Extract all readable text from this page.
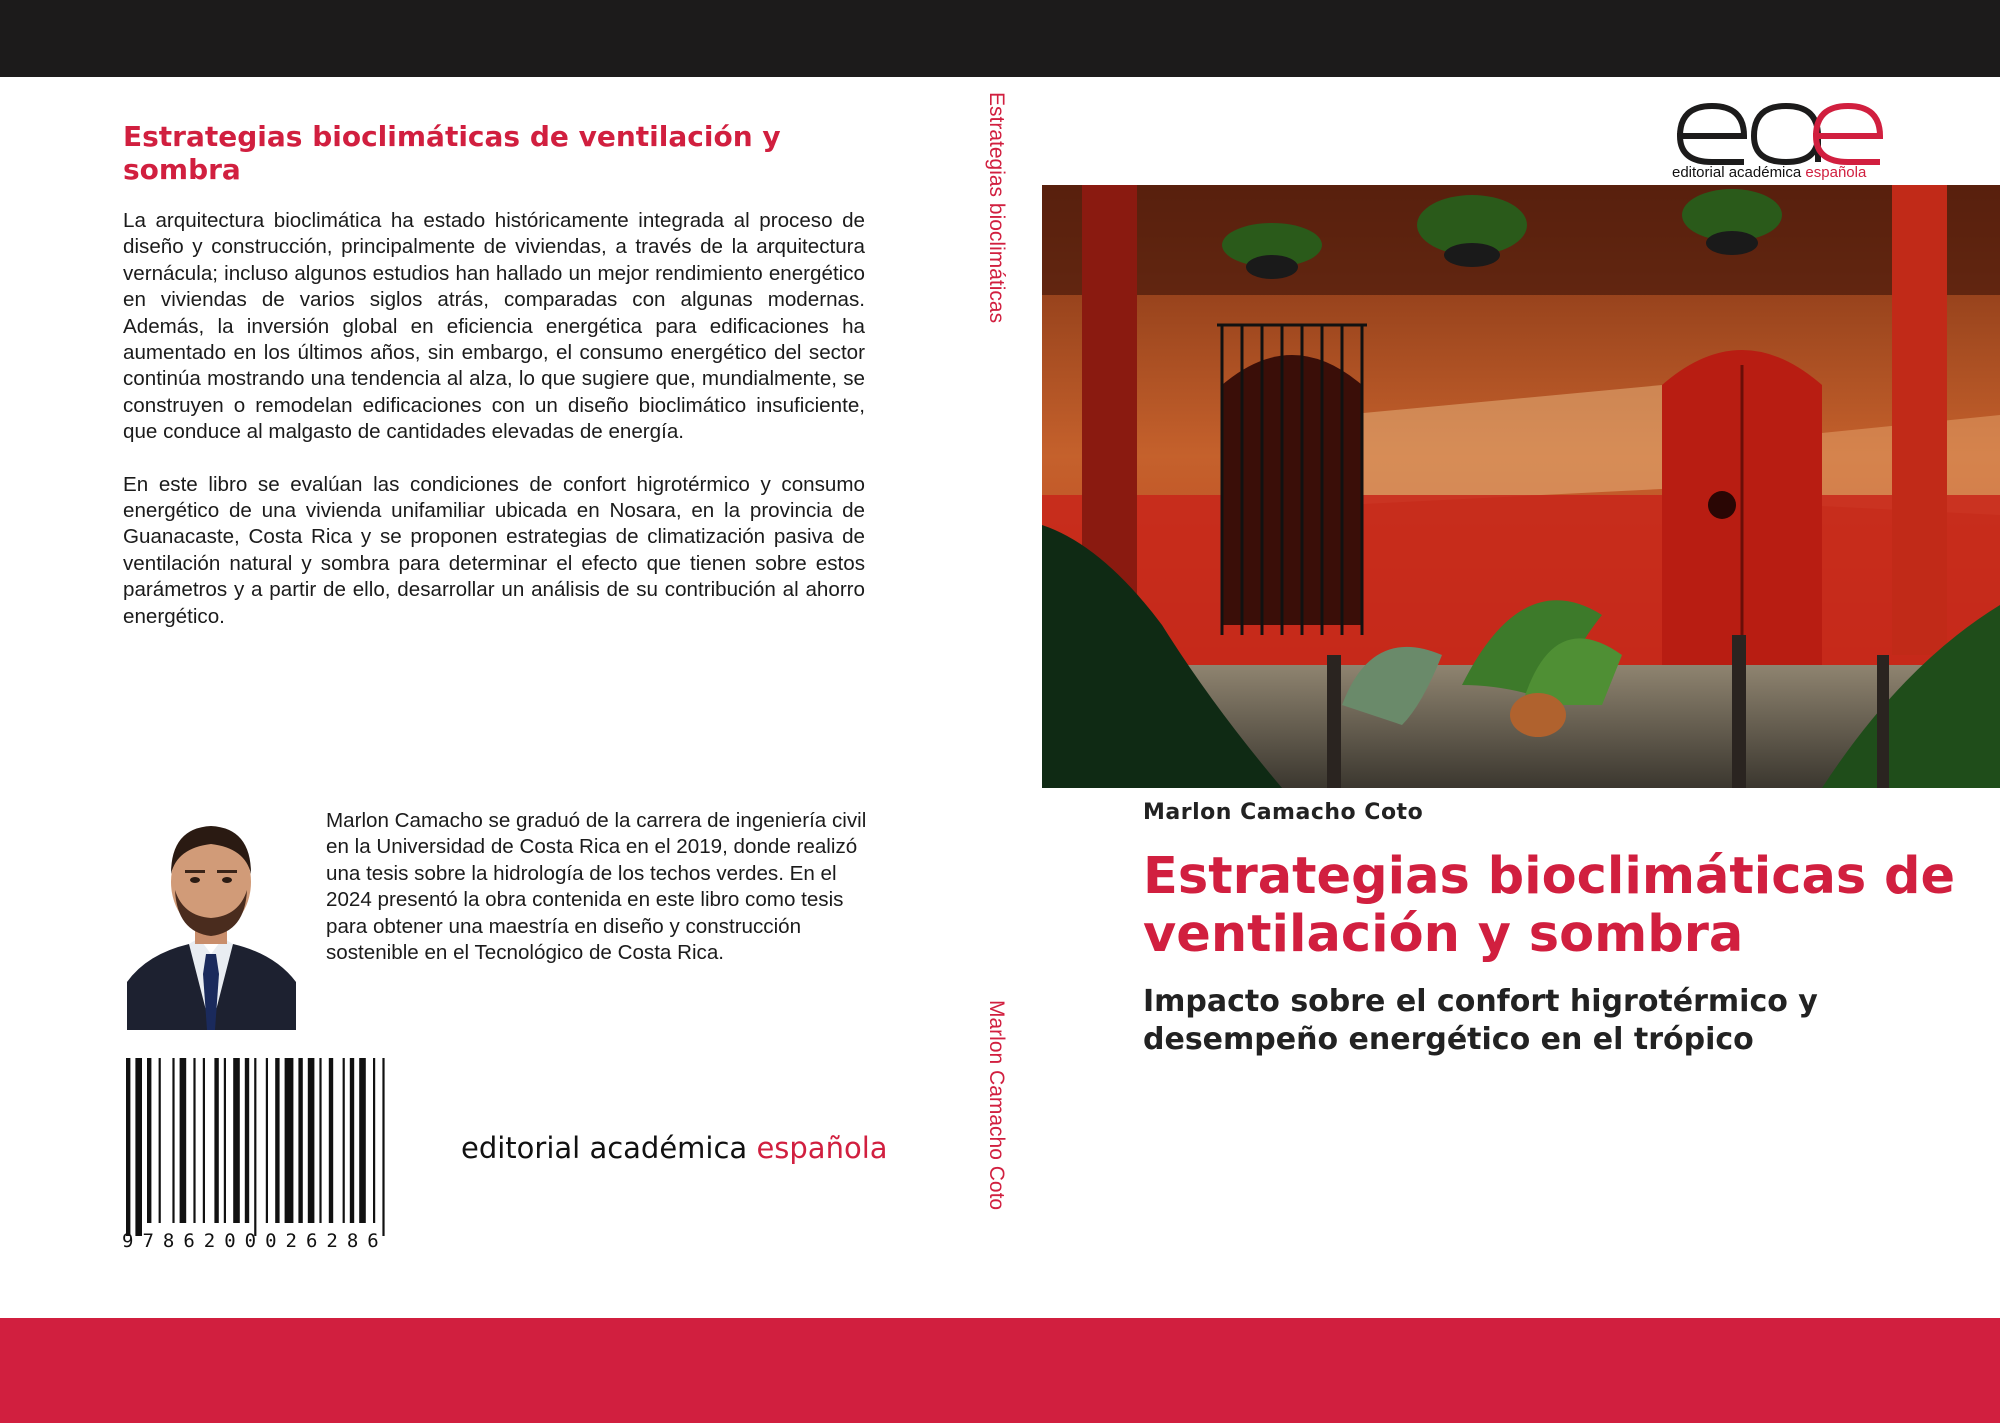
Estrategias bioclimáticas de ventilación y sombra

La arquitectura bioclimática ha estado históricamente integrada al proceso de diseño y construcción, principalmente de viviendas, a través de la arquitectura vernácula; incluso algunos estudios han hallado un mejor rendimiento energético en viviendas de varios siglos atrás, comparadas con algunas modernas. Además, la inversión global en eficiencia energética para edificaciones ha aumentado en los últimos años, sin embargo, el consumo energético del sector continúa mostrando una tendencia al alza, lo que sugiere que, mundialmente, se construyen o remodelan edificaciones con un diseño bioclimático insuficiente, que conduce al malgasto de cantidades elevadas de energía.

En este libro se evalúan las condiciones de confort higrotérmico y consumo energético de una vivienda unifamiliar ubicada en Nosara, en la provincia de Guanacaste, Costa Rica y se proponen estrategias de climatización pasiva de ventilación natural y sombra para determinar el efecto que tienen sobre estos parámetros y a partir de ello, desarrollar un análisis de su contribución al ahorro energético.

Marlon Camacho se graduó de la carrera de ingeniería civil en la Universidad de Costa Rica en el 2019, donde realizó una tesis sobre la hidrología de los techos verdes. En el 2024 presentó la obra contenida en este libro como tesis para obtener una maestría en diseño y construcción sostenible en el Tecnológico de Costa Rica.
9786200026286
editorial académica española
Estrategias bioclimáticas
Marlon Camacho Coto
editorial académica española
Marlon Camacho Coto
Estrategias bioclimáticas de ventilación y sombra
Impacto sobre el confort higrotérmico y desempeño energético en el trópico
